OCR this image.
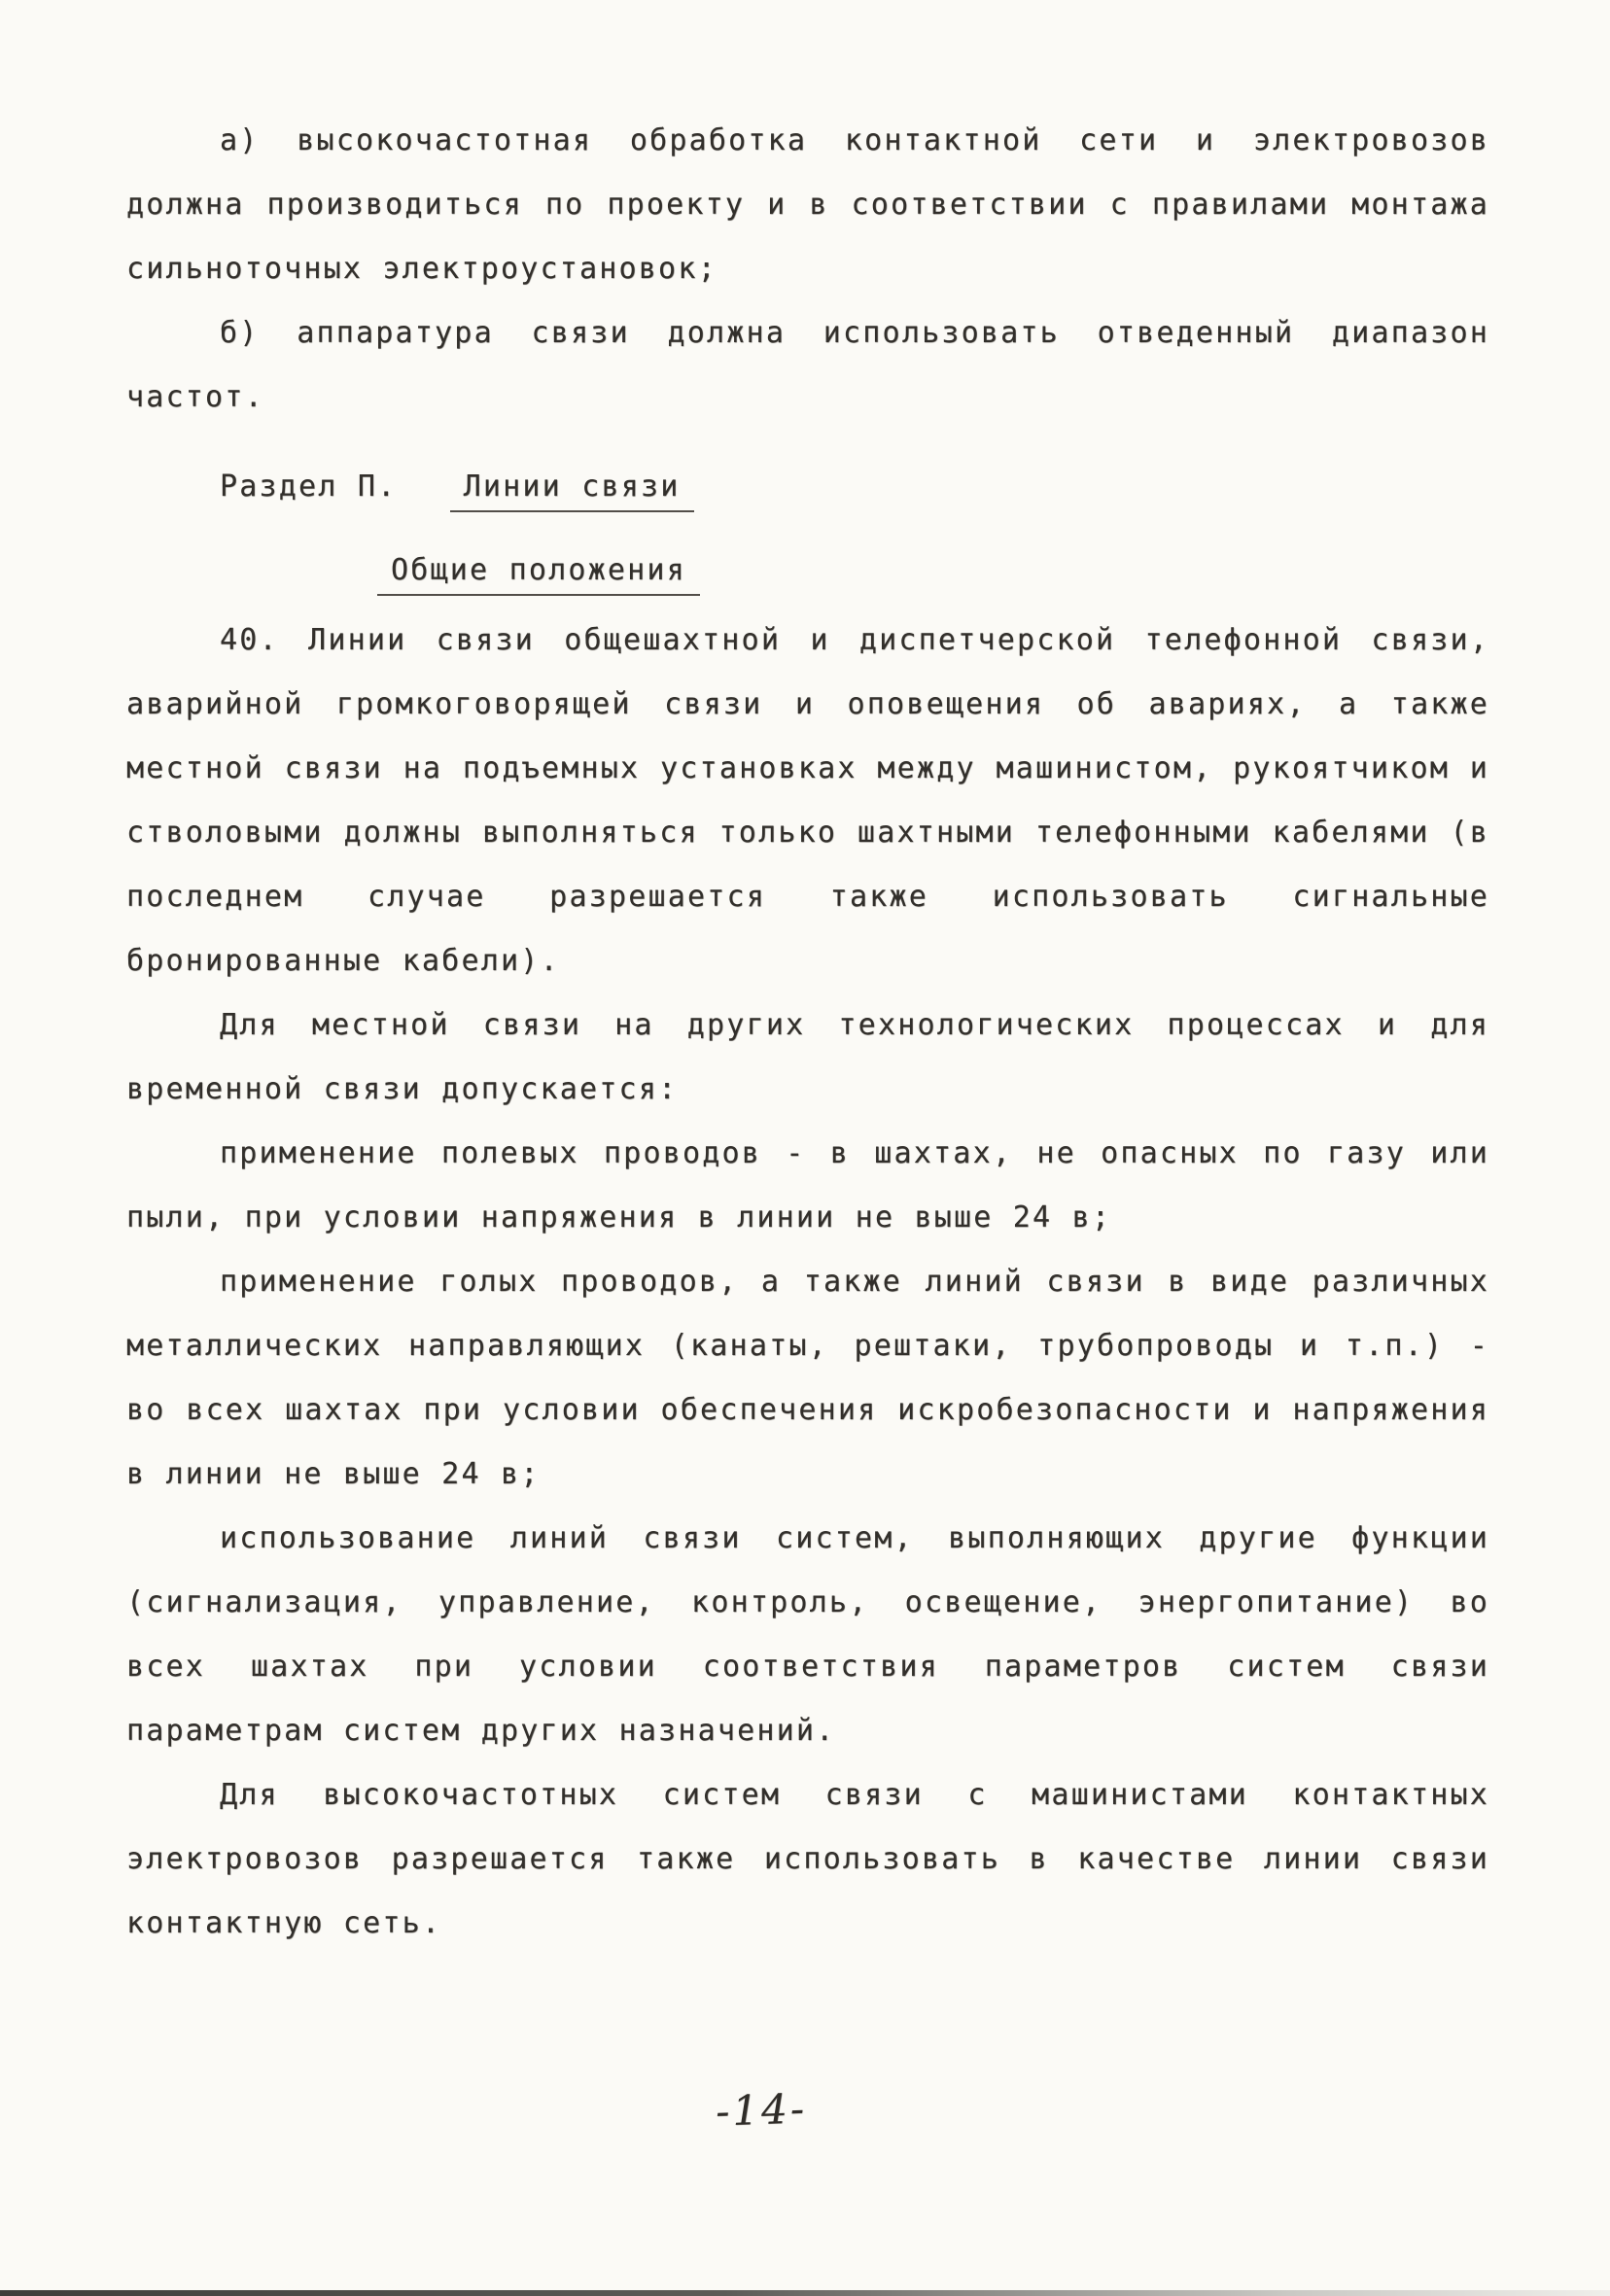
а) высокочастотная обработка контактной сети и электровозов должна производиться по проекту и в соответствии с правилами монтажа сильноточных электроустановок;

б) аппаратура связи должна использовать отведенный диапазон частот.

Раздел П. Линии связи
Общие положения

40. Линии связи общешахтной и диспетчерской телефонной связи, аварийной громкоговорящей связи и оповещения об авариях, а также местной связи на подъемных установках между машинистом, рукоятчиком и стволовыми должны выполняться только шахтными телефонными кабелями (в последнем случае разрешается также использовать сигнальные бронированные кабели).

Для местной связи на других технологических процессах и для временной связи допускается:

применение полевых проводов - в шахтах, не опасных по газу или пыли, при условии напряжения в линии не выше 24 в;

применение голых проводов, а также линий связи в виде различных металлических направляющих (канаты, рештаки, трубопроводы и т.п.) - во всех шахтах при условии обеспечения искробезопасности и напряжения в линии не выше 24 в;

использование линий связи систем, выполняющих другие функции (сигнализация, управление, контроль, освещение, энергопитание) во всех шахтах при условии соответствия параметров систем связи параметрам систем других назначений.

Для высокочастотных систем связи с машинистами контактных электровозов разрешается также использовать в качестве линии связи контактную сеть.

-14-
